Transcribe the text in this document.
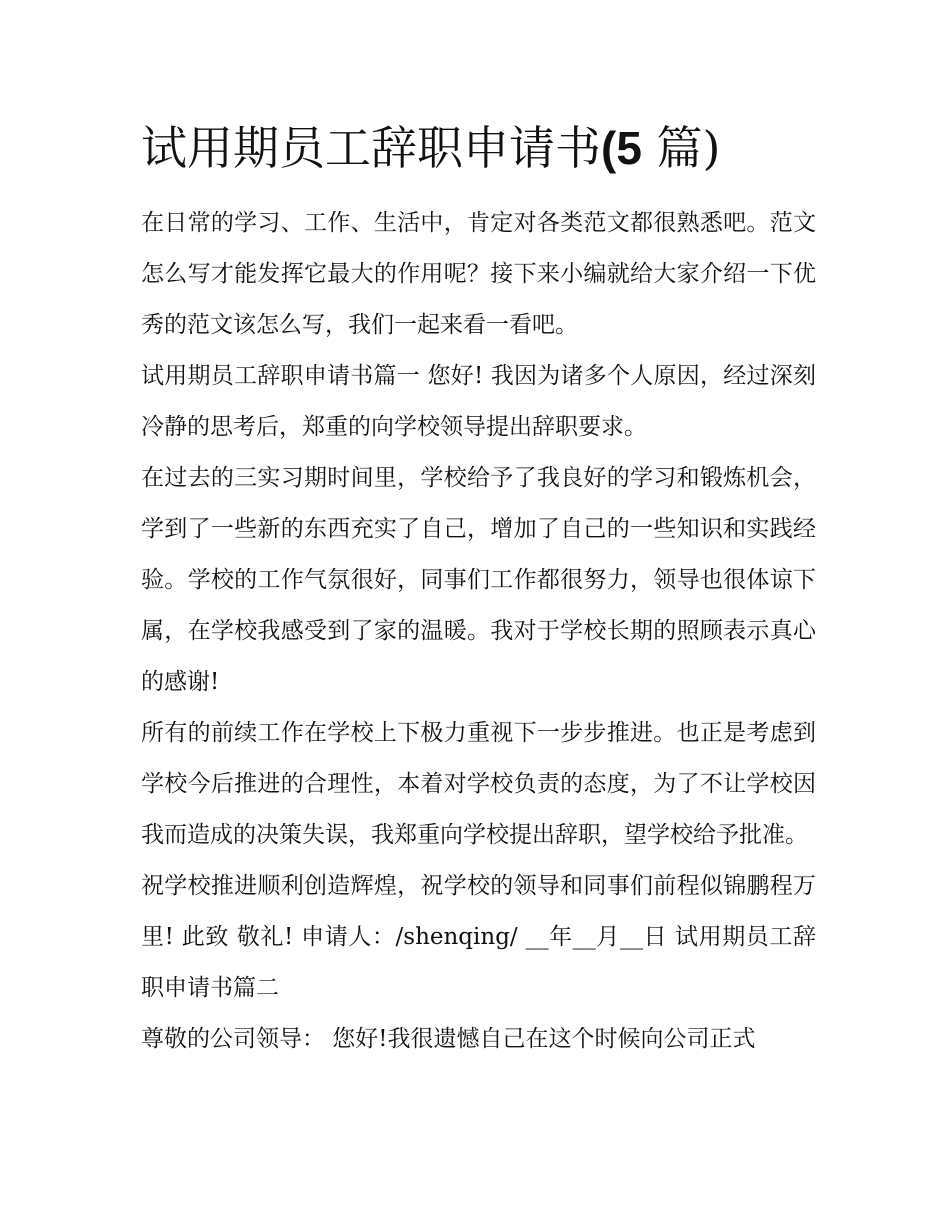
试用期员工辞职申请书(5 篇)

在日常的学习、工作、生活中，肯定对各类范文都很熟悉吧。范文怎么写才能发挥它最大的作用呢？接下来小编就给大家介绍一下优秀的范文该怎么写，我们一起来看一看吧。

试用期员工辞职申请书篇一 您好! 我因为诸多个人原因，经过深刻冷静的思考后，郑重的向学校领导提出辞职要求。

在过去的三实习期时间里，学校给予了我良好的学习和锻炼机会，学到了一些新的东西充实了自己，增加了自己的一些知识和实践经验。学校的工作气氛很好，同事们工作都很努力，领导也很体谅下属，在学校我感受到了家的温暖。我对于学校长期的照顾表示真心的感谢!

所有的前续工作在学校上下极力重视下一步步推进。也正是考虑到学校今后推进的合理性，本着对学校负责的态度，为了不让学校因我而造成的决策失误，我郑重向学校提出辞职，望学校给予批准。

祝学校推进顺利创造辉煌，祝学校的领导和同事们前程似锦鹏程万里! 此致 敬礼! 申请人：/shenqing/ __年__月__日 试用期员工辞职申请书篇二

尊敬的公司领导： 您好!我很遗憾自己在这个时候向公司正式
